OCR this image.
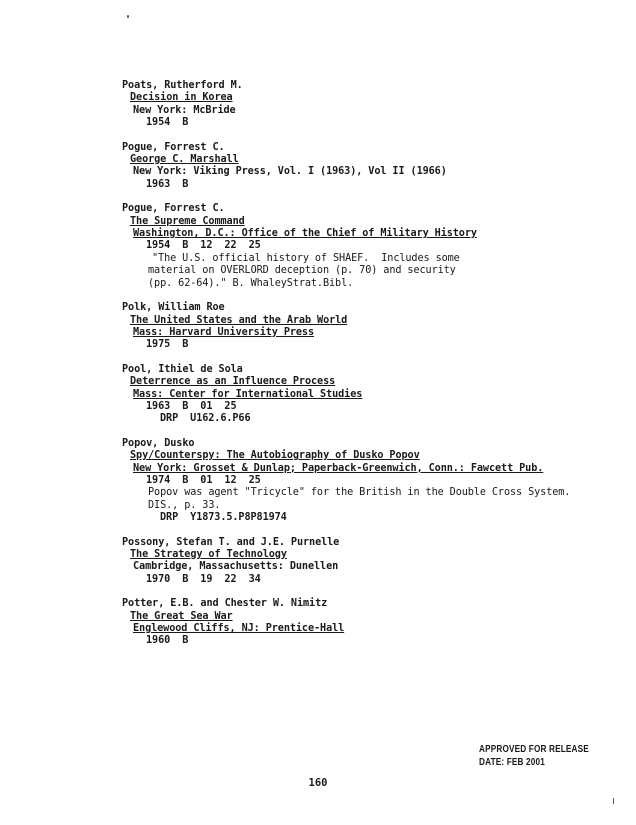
Poats, Rutherford M.
Decision in Korea
New York: McBride
1954  B
Pogue, Forrest C.
George C. Marshall
New York: Viking Press, Vol. I (1963), Vol II (1966)
1963  B
Pogue, Forrest C.
The Supreme Command
Washington, D.C.: Office of the Chief of Military History
1954  B  12  22  25
"The U.S. official history of SHAEF.  Includes some
material on OVERLORD deception (p. 70) and security
(pp. 62-64)." B. WhaleyStrat.Bibl.
Polk, William Roe
The United States and the Arab World
Mass: Harvard University Press
1975  B
Pool, Ithiel de Sola
Deterrence as an Influence Process
Mass: Center for International Studies
1963  B  01  25
DRP  U162.6.P66
Popov, Dusko
Spy/Counterspy: The Autobiography of Dusko Popov
New York: Grosset & Dunlap; Paperback-Greenwich, Conn.: Fawcett Pub.
1974  B  01  12  25
Popov was agent "Tricycle" for the British in the Double Cross System.
DIS., p. 33.
DRP  Y1873.5.P8P81974
Possony, Stefan T. and J.E. Purnelle
The Strategy of Technology
Cambridge, Massachusetts: Dunellen
1970  B  19  22  34
Potter, E.B. and Chester W. Nimitz
The Great Sea War
Englewood Cliffs, NJ: Prentice-Hall
1960  B
APPROVED FOR RELEASE
DATE: FEB 2001
160
